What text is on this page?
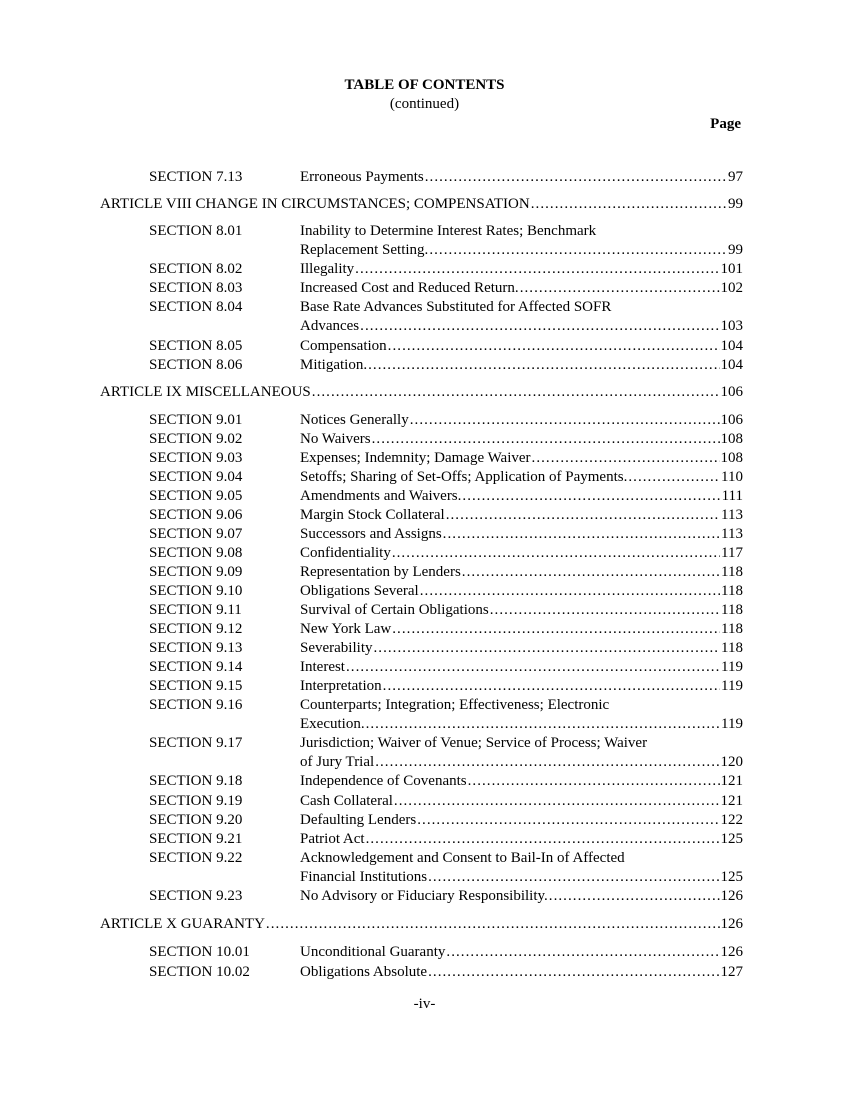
TABLE OF CONTENTS
(continued)
Page
SECTION 7.13	Erroneous Payments . . .	97
ARTICLE VIII CHANGE IN CIRCUMSTANCES; COMPENSATION . . .	99
SECTION 8.01	Inability to Determine Interest Rates; Benchmark
Replacement Setting. . . .	99
SECTION 8.02	Illegality . . .	101
SECTION 8.03	Increased Cost and Reduced Return. . . .	102
SECTION 8.04	Base Rate Advances Substituted for Affected SOFR
Advances . . .	103
SECTION 8.05	Compensation . . .	104
SECTION 8.06	Mitigation. . . .	104
ARTICLE IX MISCELLANEOUS . . .	106
SECTION 9.01	Notices Generally . . .	106
SECTION 9.02	No Waivers . . .	108
SECTION 9.03	Expenses; Indemnity; Damage Waiver . . .	108
SECTION 9.04	Setoffs; Sharing of Set-Offs; Application of Payments. . . .	110
SECTION 9.05	Amendments and Waivers. . . .	111
SECTION 9.06	Margin Stock Collateral . . .	113
SECTION 9.07	Successors and Assigns . . .	113
SECTION 9.08	Confidentiality . . .	117
SECTION 9.09	Representation by Lenders . . .	118
SECTION 9.10	Obligations Several . . .	118
SECTION 9.11	Survival of Certain Obligations . . .	118
SECTION 9.12	New York Law . . .	118
SECTION 9.13	Severability . . .	118
SECTION 9.14	Interest . . .	119
SECTION 9.15	Interpretation . . .	119
SECTION 9.16	Counterparts; Integration; Effectiveness; Electronic
Execution. . . .	119
SECTION 9.17	Jurisdiction; Waiver of Venue; Service of Process; Waiver
of Jury Trial . . .	120
SECTION 9.18	Independence of Covenants . . .	121
SECTION 9.19	Cash Collateral . . .	121
SECTION 9.20	Defaulting Lenders . . .	122
SECTION 9.21	Patriot Act . . .	125
SECTION 9.22	Acknowledgement and Consent to Bail-In of Affected
Financial Institutions . . .	125
SECTION 9.23	No Advisory or Fiduciary Responsibility. . . .	126
ARTICLE X GUARANTY . . .	126
SECTION 10.01	Unconditional Guaranty . . .	126
SECTION 10.02	Obligations Absolute . . .	127
-iv-
